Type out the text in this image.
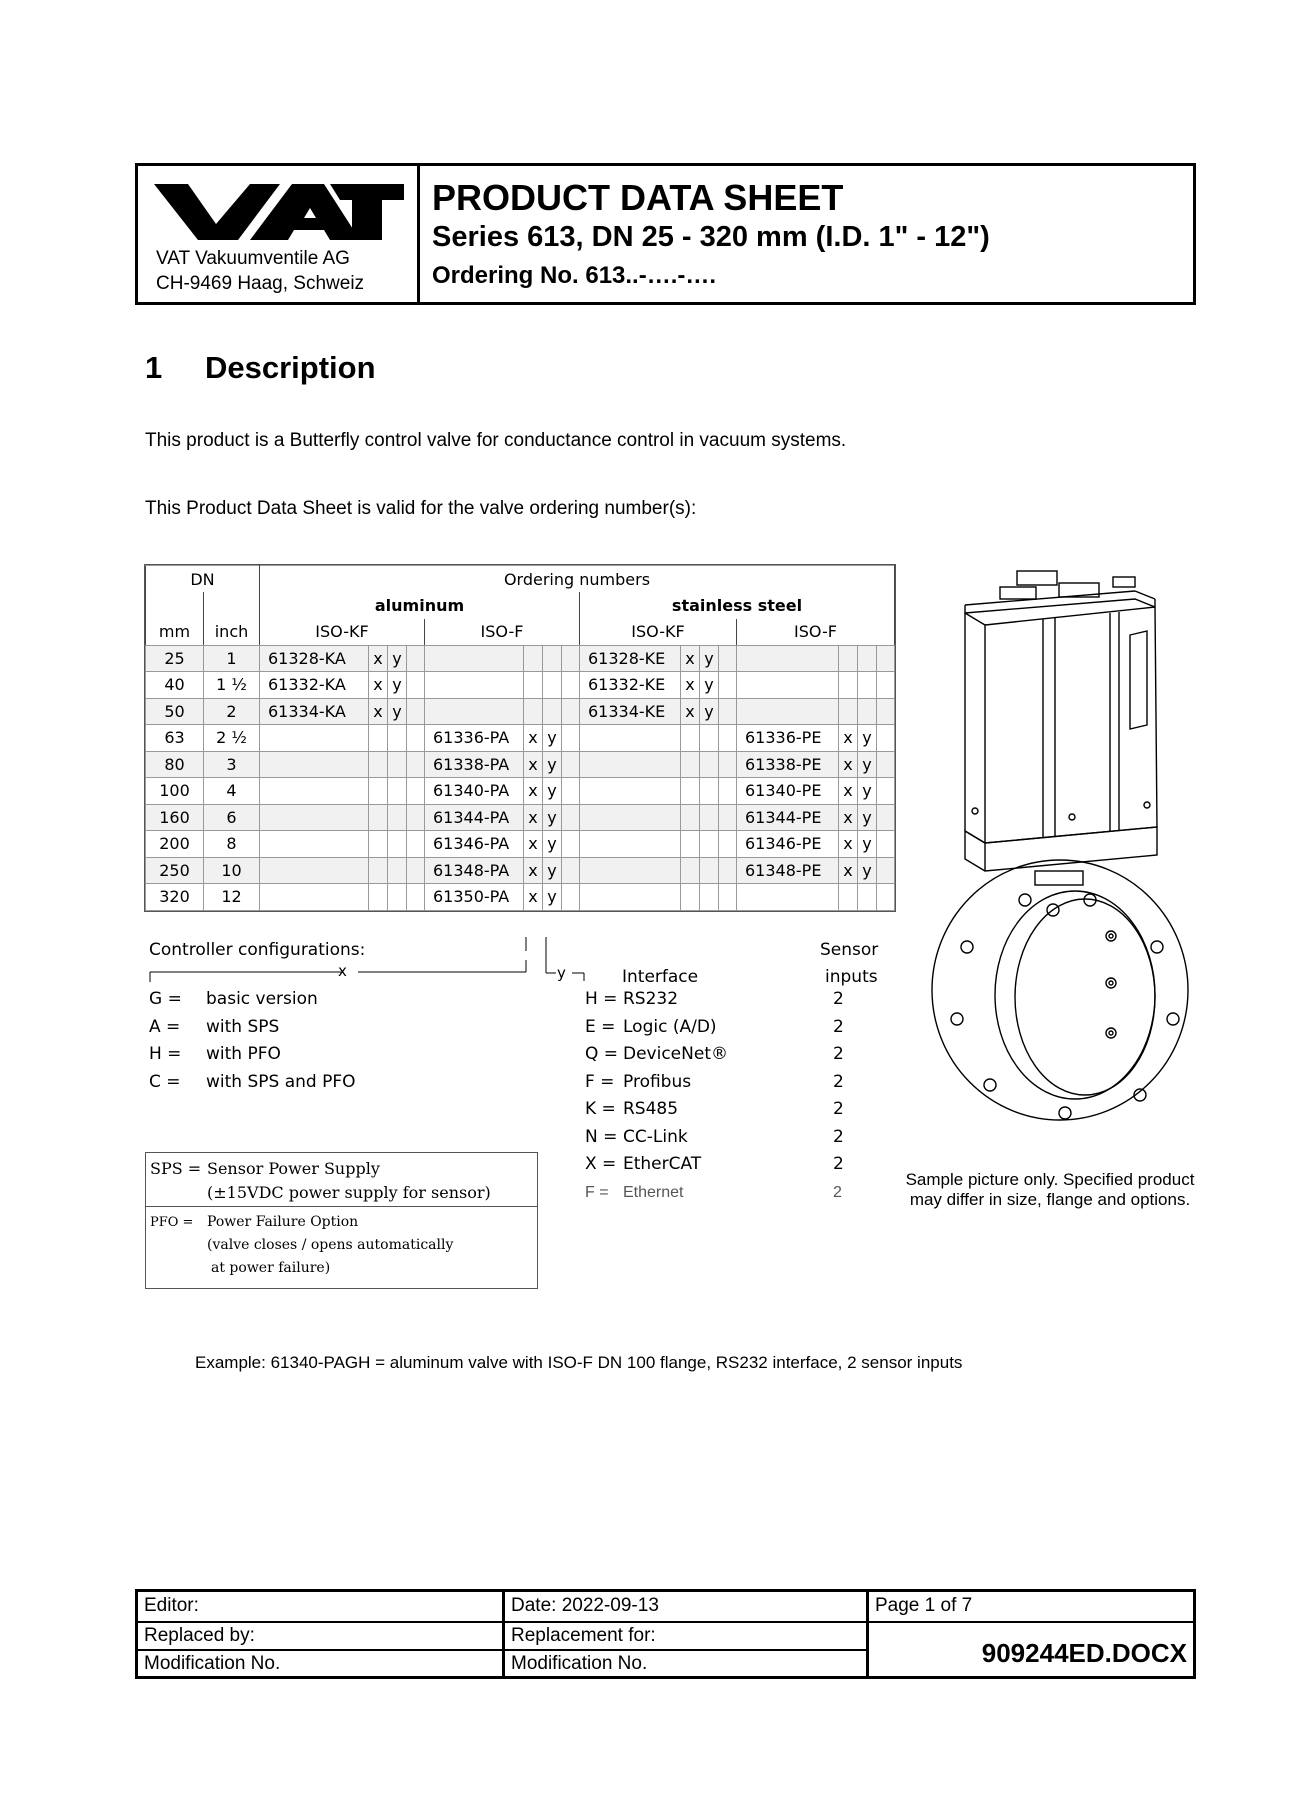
VAT Vakuumventile AG
CH-9469 Haag, Schweiz
PRODUCT DATA SHEET
Series 613, DN 25 - 320 mm (I.D. 1" - 12")
Ordering No. 613..-….-….
1 Description
This product is a Butterfly control valve for conductance control in vacuum systems.
This Product Data Sheet is valid for the valve ordering number(s):
DN		Ordering numbers															
		aluminum								stainless steel							
mm	inch	ISO-KF				ISO-F				ISO-KF				ISO-F			
25	1	61328-KA	x	y						61328-KE	x	y					
40	1 ½	61332-KA	x	y						61332-KE	x	y					
50	2	61334-KA	x	y						61334-KE	x	y					
63	2 ½					61336-PA	x	y						61336-PE	x	y	
80	3					61338-PA	x	y						61338-PE	x	y	
100	4					61340-PA	x	y						61340-PE	x	y	
160	6					61344-PA	x	y						61344-PE	x	y	
200	8					61346-PA	x	y						61346-PE	x	y	
250	10					61348-PA	x	y						61348-PE	x	y	
320	12					61350-PA	x	y									
Controller configurations:
x	y
G = basic version
A = with SPS
H = with PFO
C = with SPS and PFO
Interface
Sensor
inputs
H = RS232	2
E = Logic (A/D)	2
Q = DeviceNet®	2
F = Profibus	2
K = RS485	2
N = CC-Link	2
X = EtherCAT	2
F = Ethernet	2
SPS = Sensor Power Supply
(±15VDC power supply for sensor)
PFO = Power Failure Option
(valve closes / opens automatically
at power failure)
Sample picture only. Specified product may differ in size, flange and options.
Example: 61340-PAGH = aluminum valve with ISO-F DN 100 flange, RS232 interface, 2 sensor inputs
Editor:	Date: 2022-09-13	Page 1 of 7
Replaced by:	Replacement for:
Modification No.	Modification No.	909244ED.DOCX
